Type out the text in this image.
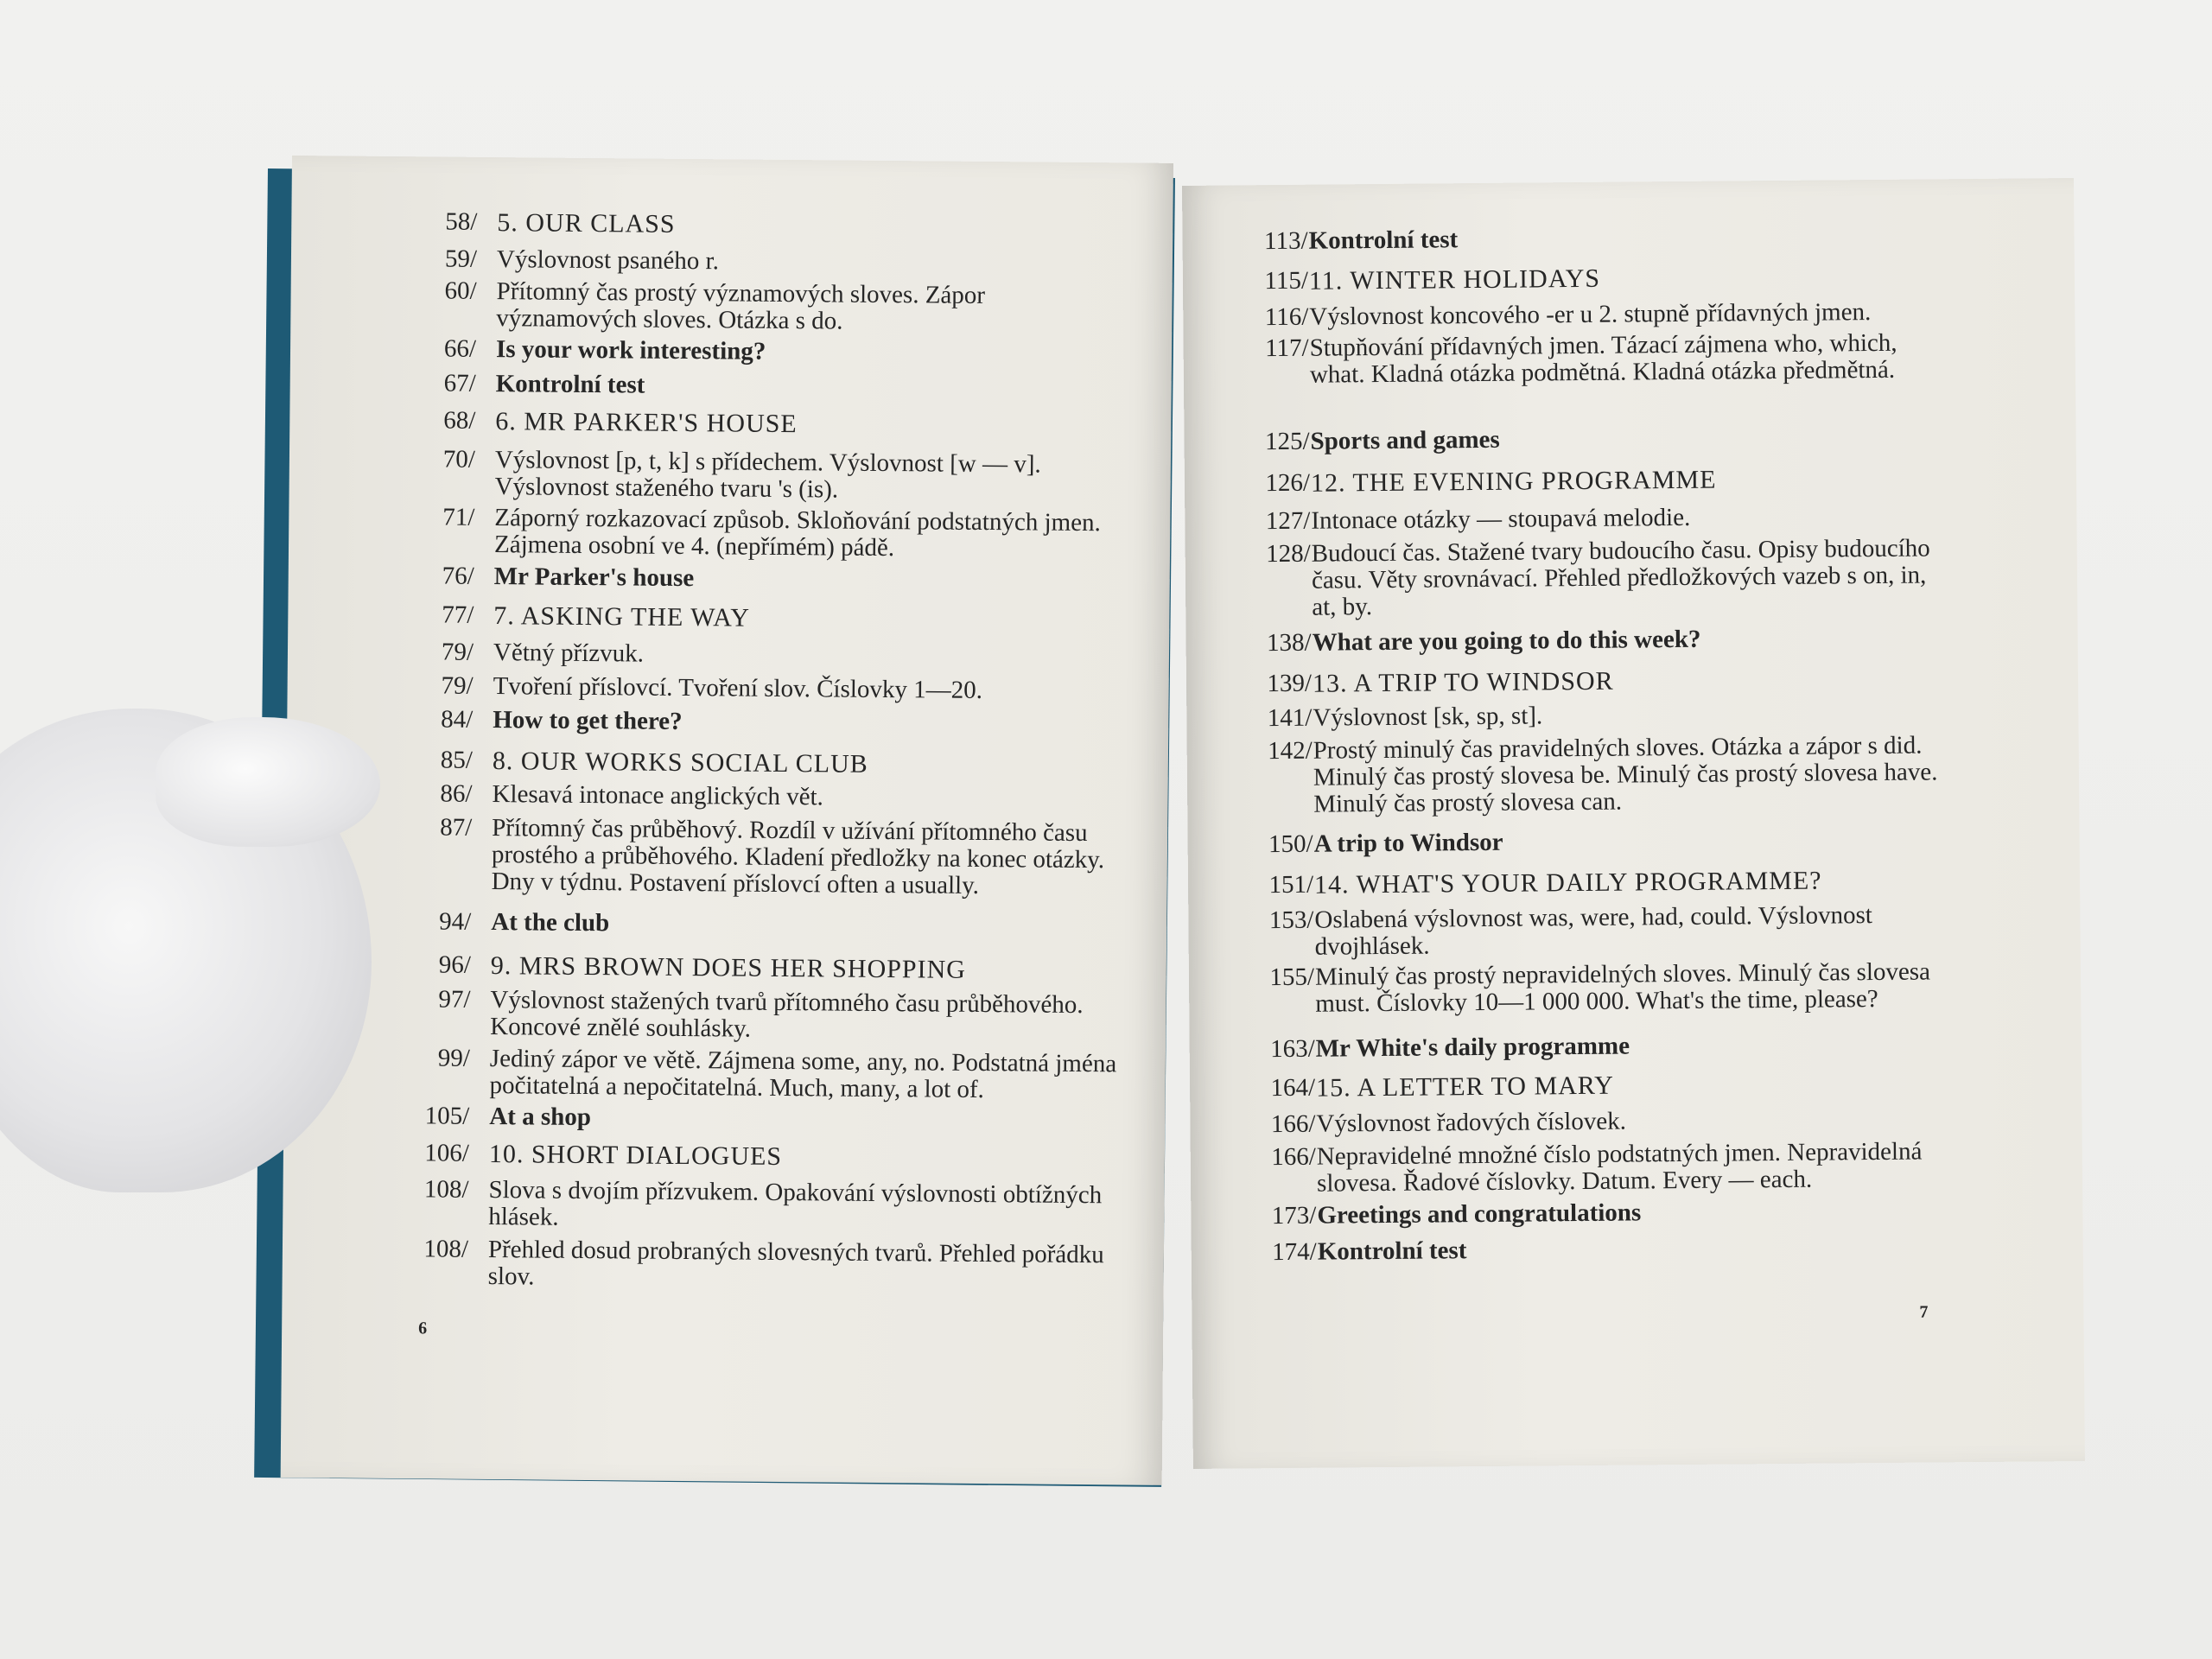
58/ 5. OUR CLASS
59/ Výslovnost psaného r.
60/ Přítomný čas prostý významových sloves. Zápor významových sloves. Otázka s do.
66/ Is your work interesting?
67/ Kontrolní test
68/ 6. MR PARKER'S HOUSE
70/ Výslovnost [p, t, k] s přídechem. Výslovnost [w — v]. Výslovnost staženého tvaru 's (is).
71/ Záporný rozkazovací způsob. Skloňování podstatných jmen. Zájmena osobní ve 4. (nepřímém) pádě.
76/ Mr Parker's house
77/ 7. ASKING THE WAY
79/ Větný přízvuk.
79/ Tvoření příslovcí. Tvoření slov. Číslovky 1—20.
84/ How to get there?
85/ 8. OUR WORKS SOCIAL CLUB
86/ Klesavá intonace anglických vět.
87/ Přítomný čas průběhový. Rozdíl v užívání přítomného času prostého a průběhového. Kladení předložky na konec otázky. Dny v týdnu. Postavení příslovcí often a usually.
94/ At the club
96/ 9. MRS BROWN DOES HER SHOPPING
97/ Výslovnost stažených tvarů přítomného času průběhového. Koncové znělé souhlásky.
99/ Jediný zápor ve větě. Zájmena some, any, no. Podstatná jména počitatelná a nepočitatelná. Much, many, a lot of.
105/ At a shop
106/ 10. SHORT DIALOGUES
108/ Slova s dvojím přízvukem. Opakování výslovnosti obtížných hlásek.
108/ Přehled dosud probraných slovesných tvarů. Přehled pořádku slov.
6
113/ Kontrolní test
115/ 11. WINTER HOLIDAYS
116/ Výslovnost koncového -er u 2. stupně přídavných jmen.
117/ Stupňování přídavných jmen. Tázací zájmena who, which, what. Kladná otázka podmětná. Kladná otázka předmětná.
125/ Sports and games
126/ 12. THE EVENING PROGRAMME
127/ Intonace otázky — stoupavá melodie.
128/ Budoucí čas. Stažené tvary budoucího času. Opisy budoucího času. Věty srovnávací. Přehled předložkových vazeb s on, in, at, by.
138/ What are you going to do this week?
139/ 13. A TRIP TO WINDSOR
141/ Výslovnost [sk, sp, st].
142/ Prostý minulý čas pravidelných sloves. Otázka a zápor s did. Minulý čas prostý slovesa be. Minulý čas prostý slovesa have. Minulý čas prostý slovesa can.
150/ A trip to Windsor
151/ 14. WHAT'S YOUR DAILY PROGRAMME?
153/ Oslabená výslovnost was, were, had, could. Výslovnost dvojhlásek.
155/ Minulý čas prostý nepravidelných sloves. Minulý čas slovesa must. Číslovky 10—1 000 000. What's the time, please?
163/ Mr White's daily programme
164/ 15. A LETTER TO MARY
166/ Výslovnost řadových číslovek.
166/ Nepravidelné množné číslo podstatných jmen. Nepravidelná slovesa. Řadové číslovky. Datum. Every — each.
173/ Greetings and congratulations
174/ Kontrolní test
7
